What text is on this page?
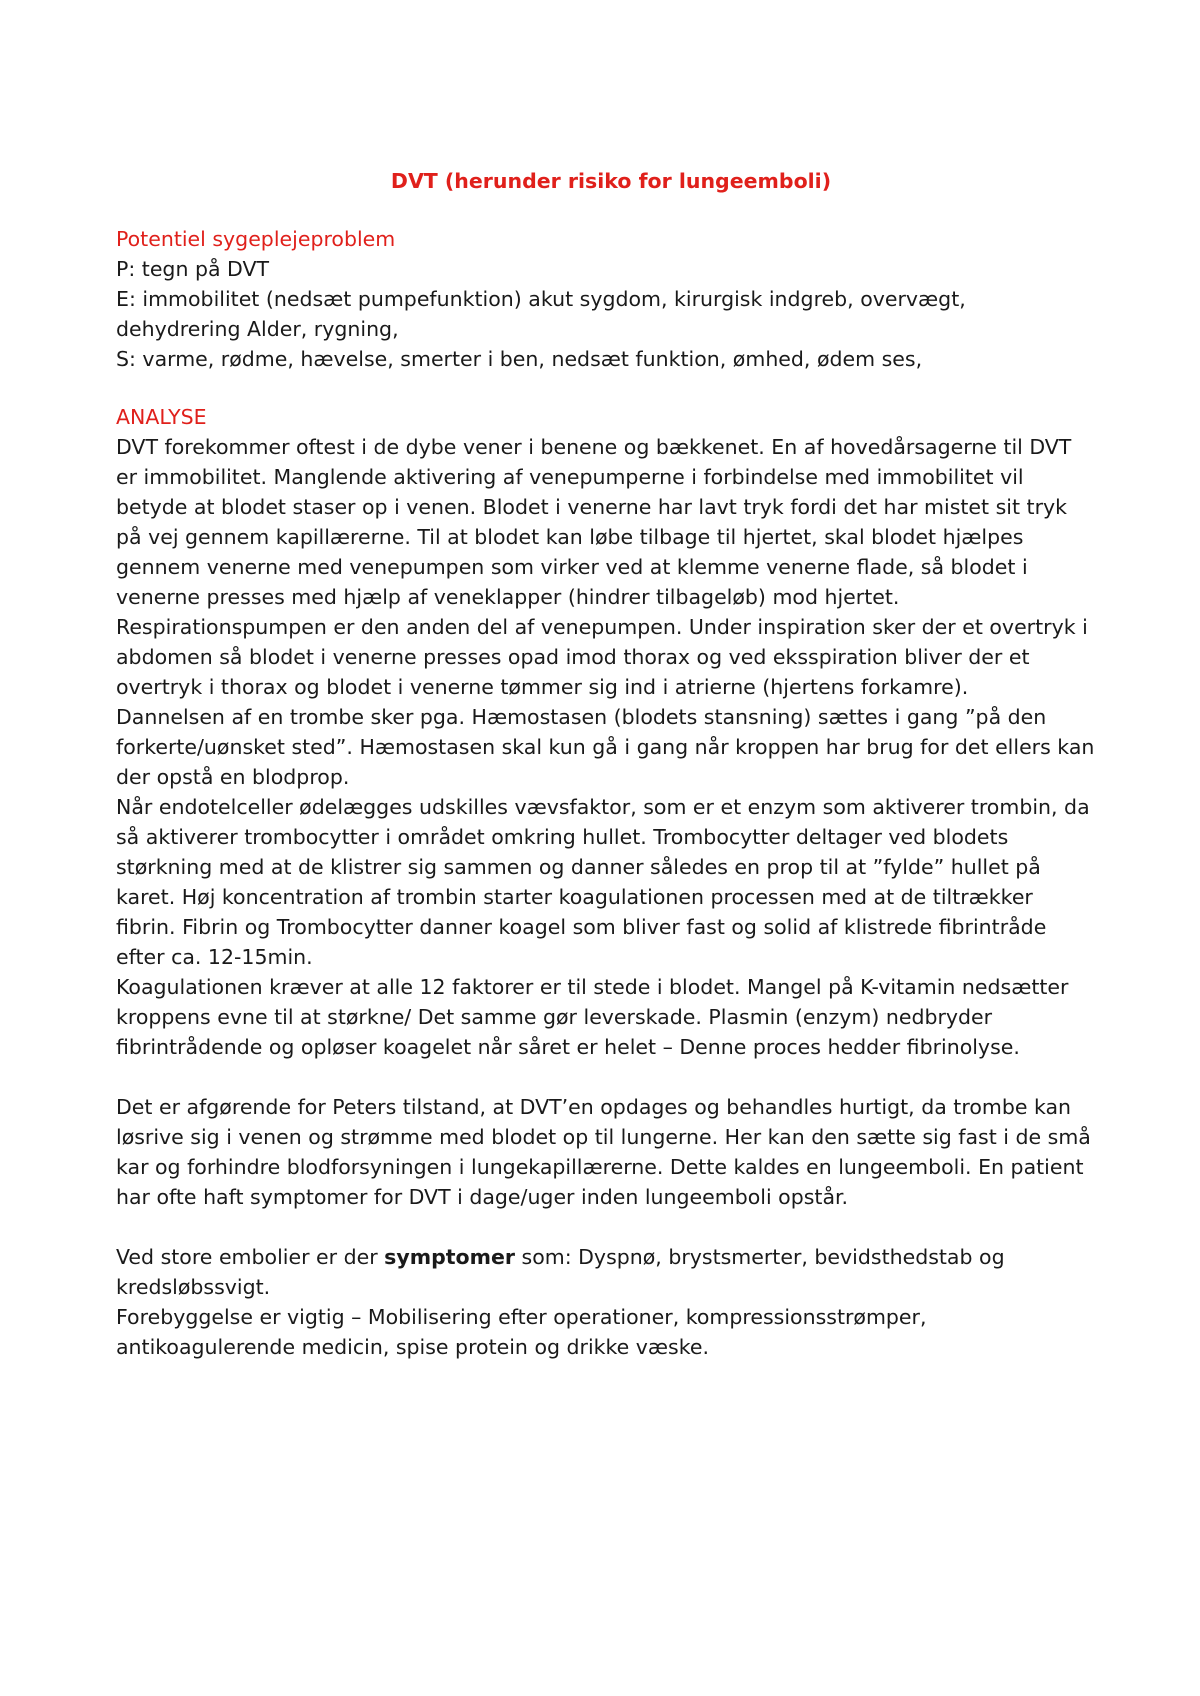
DVT (herunder risiko for lungeemboli)
Potentiel sygeplejeproblem
P: tegn på DVT
E: immobilitet (nedsæt pumpefunktion) akut sygdom, kirurgisk indgreb, overvægt, dehydrering Alder, rygning,
S: varme, rødme, hævelse, smerter i ben, nedsæt funktion, ømhed, ødem ses,
ANALYSE

DVT forekommer oftest i de dybe vener i benene og bækkenet. En af hovedårsagerne til DVT er immobilitet. Manglende aktivering af venepumperne i forbindelse med immobilitet vil betyde at blodet staser op i venen. Blodet i venerne har lavt tryk fordi det har mistet sit tryk på vej gennem kapillærerne. Til at blodet kan løbe tilbage til hjertet, skal blodet hjælpes gennem venerne med venepumpen som virker ved at klemme venerne flade, så blodet i venerne presses med hjælp af veneklapper (hindrer tilbageløb) mod hjertet. Respirationspumpen er den anden del af venepumpen. Under inspiration sker der et overtryk i abdomen så blodet i venerne presses opad imod thorax og ved eksspiration bliver der et overtryk i thorax og blodet i venerne tømmer sig ind i atrierne (hjertens forkamre).

Dannelsen af en trombe sker pga. Hæmostasen (blodets stansning) sættes i gang ”på den forkerte/uønsket sted”. Hæmostasen skal kun gå i gang når kroppen har brug for det ellers kan der opstå en blodprop.

Når endotelceller ødelægges udskilles vævsfaktor, som er et enzym som aktiverer trombin, da så aktiverer trombocytter i området omkring hullet. Trombocytter deltager ved blodets størkning med at de klistrer sig sammen og danner således en prop til at ”fylde” hullet på karet. Høj koncentration af trombin starter koagulationen processen med at de tiltrækker fibrin. Fibrin og Trombocytter danner koagel som bliver fast og solid af klistrede fibrintråde efter ca. 12-15min.

Koagulationen kræver at alle 12 faktorer er til stede i blodet. Mangel på K-vitamin nedsætter kroppens evne til at størkne/ Det samme gør leverskade. Plasmin (enzym) nedbryder fibrintrådende og opløser koagelet når såret er helet – Denne proces hedder fibrinolyse.

Det er afgørende for Peters tilstand, at DVT’en opdages og behandles hurtigt, da trombe kan løsrive sig i venen og strømme med blodet op til lungerne. Her kan den sætte sig fast i de små kar og forhindre blodforsyningen i lungekapillærerne. Dette kaldes en lungeemboli. En patient har ofte haft symptomer for DVT i dage/uger inden lungeemboli opstår.

Ved store embolier er der symptomer som: Dyspnø, brystsmerter, bevidsthedstab og kredsløbssvigt.

Forebyggelse er vigtig – Mobilisering efter operationer, kompressionsstrømper, antikoagulerende medicin, spise protein og drikke væske.
